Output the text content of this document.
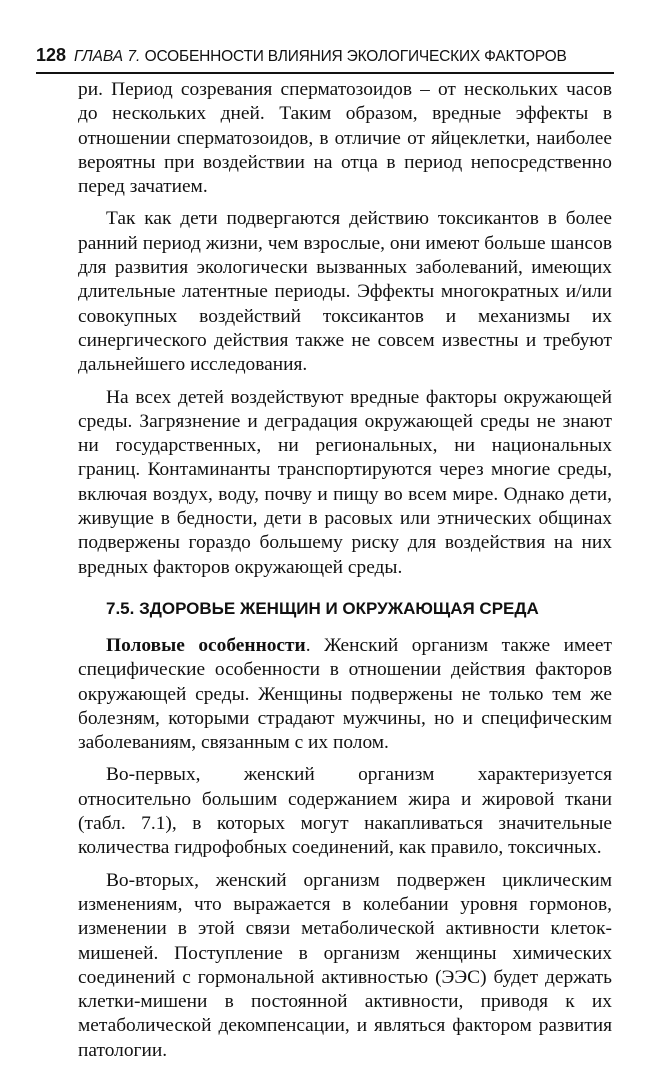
128 ГЛАВА 7. ОСОБЕННОСТИ ВЛИЯНИЯ ЭКОЛОГИЧЕСКИХ ФАКТОРОВ

ри. Период созревания сперматозоидов – от нескольких часов до нескольких дней. Таким образом, вредные эффекты в отношении сперматозоидов, в отличие от яйцеклетки, наиболее вероятны при воздействии на отца в период непосредственно перед зачатием.

Так как дети подвергаются действию токсикантов в более ранний период жизни, чем взрослые, они имеют больше шансов для развития экологически вызванных заболеваний, имеющих длительные латентные периоды. Эффекты многократных и/или совокупных воздействий токсикантов и механизмы их синергического действия также не совсем известны и требуют дальнейшего исследования.

На всех детей воздействуют вредные факторы окружающей среды. Загрязнение и деградация окружающей среды не знают ни государственных, ни региональных, ни национальных границ. Контаминанты транспортируются через многие среды, включая воздух, воду, почву и пищу во всем мире. Однако дети, живущие в бедности, дети в расовых или этнических общинах подвержены гораздо большему риску для воздействия на них вредных факторов окружающей среды.

7.5. ЗДОРОВЬЕ ЖЕНЩИН И ОКРУЖАЮЩАЯ СРЕДА

Половые особенности. Женский организм также имеет специфические особенности в отношении действия факторов окружающей среды. Женщины подвержены не только тем же болезням, которыми страдают мужчины, но и специфическим заболеваниям, связанным с их полом.

Во-первых, женский организм характеризуется относительно большим содержанием жира и жировой ткани (табл. 7.1), в которых могут накапливаться значительные количества гидрофобных соединений, как правило, токсичных.

Во-вторых, женский организм подвержен циклическим изменениям, что выражается в колебании уровня гормонов, изменении в этой связи метаболической активности клеток-мишеней. Поступление в организм женщины химических соединений с гормональной активностью (ЭЭС) будет держать клетки-мишени в постоянной активности, приводя к их метаболической декомпенсации, и являться фактором развития патологии.
